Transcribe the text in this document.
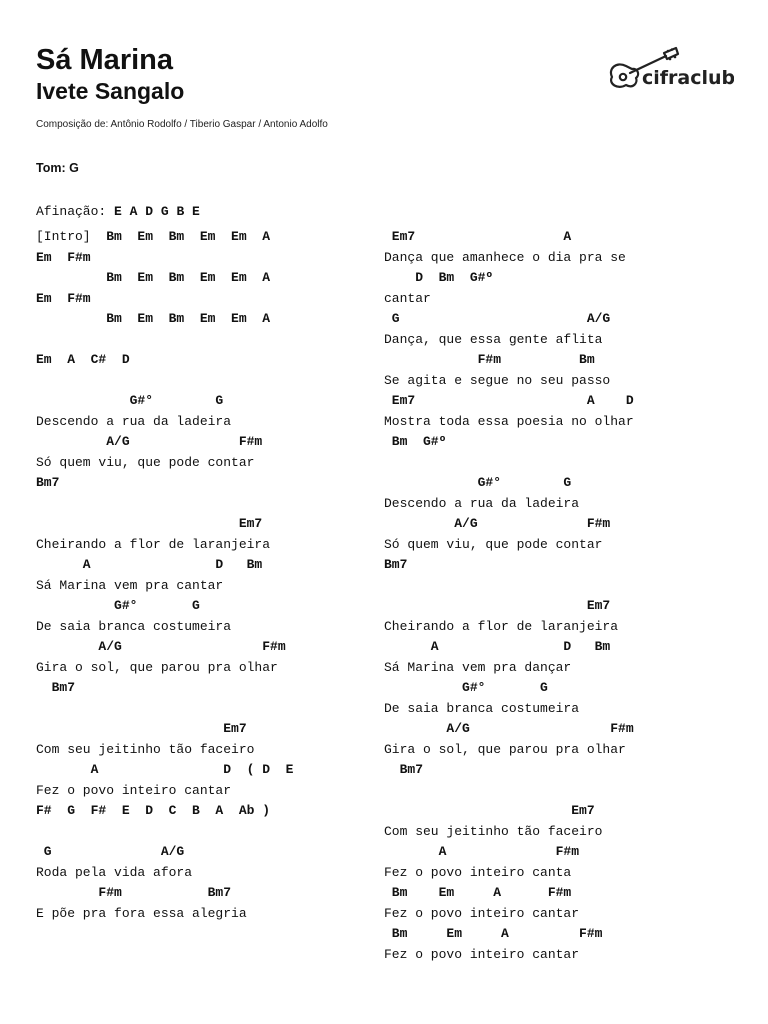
Sá Marina
Ivete Sangalo
Composição de: Antônio Rodolfo / Tiberio Gaspar / Antonio Adolfo
cifraclub
Tom: G
Afinação: E A D G B E
[Intro]  Bm  Em  Bm  Em  Em  A
Em  F#m
Bm  Em  Bm  Em  Em  A
Em  F#m
Bm  Em  Bm  Em  Em  A
Em  A  C#  D
G#°        G
Descendo a rua da ladeira
A/G              F#m
Só quem viu, que pode contar
Bm7
Em7
Cheirando a flor de laranjeira
A                D   Bm
Sá Marina vem pra cantar
G#°       G
De saia branca costumeira
A/G                  F#m
Gira o sol, que parou pra olhar
Bm7
Em7
Com seu jeitinho tão faceiro
A                D  ( D  E
Fez o povo inteiro cantar
F#  G  F#  E  D  C  B  A  Ab )
G              A/G
Roda pela vida afora
F#m           Bm7
E põe pra fora essa alegria
Em7                   A
Dança que amanhece o dia pra se
D  Bm  G#º
cantar
G                        A/G
Dança, que essa gente aflita
F#m          Bm
Se agita e segue no seu passo
Em7                      A    D
Mostra toda essa poesia no olhar
Bm  G#º
G#°        G
Descendo a rua da ladeira
A/G              F#m
Só quem viu, que pode contar
Bm7
Em7
Cheirando a flor de laranjeira
A                D   Bm
Sá Marina vem pra dançar
G#°       G
De saia branca costumeira
A/G                  F#m
Gira o sol, que parou pra olhar
Bm7
Em7
Com seu jeitinho tão faceiro
A              F#m
Fez o povo inteiro canta
Bm    Em     A      F#m
Fez o povo inteiro cantar
Bm     Em     A         F#m
Fez o povo inteiro cantar
